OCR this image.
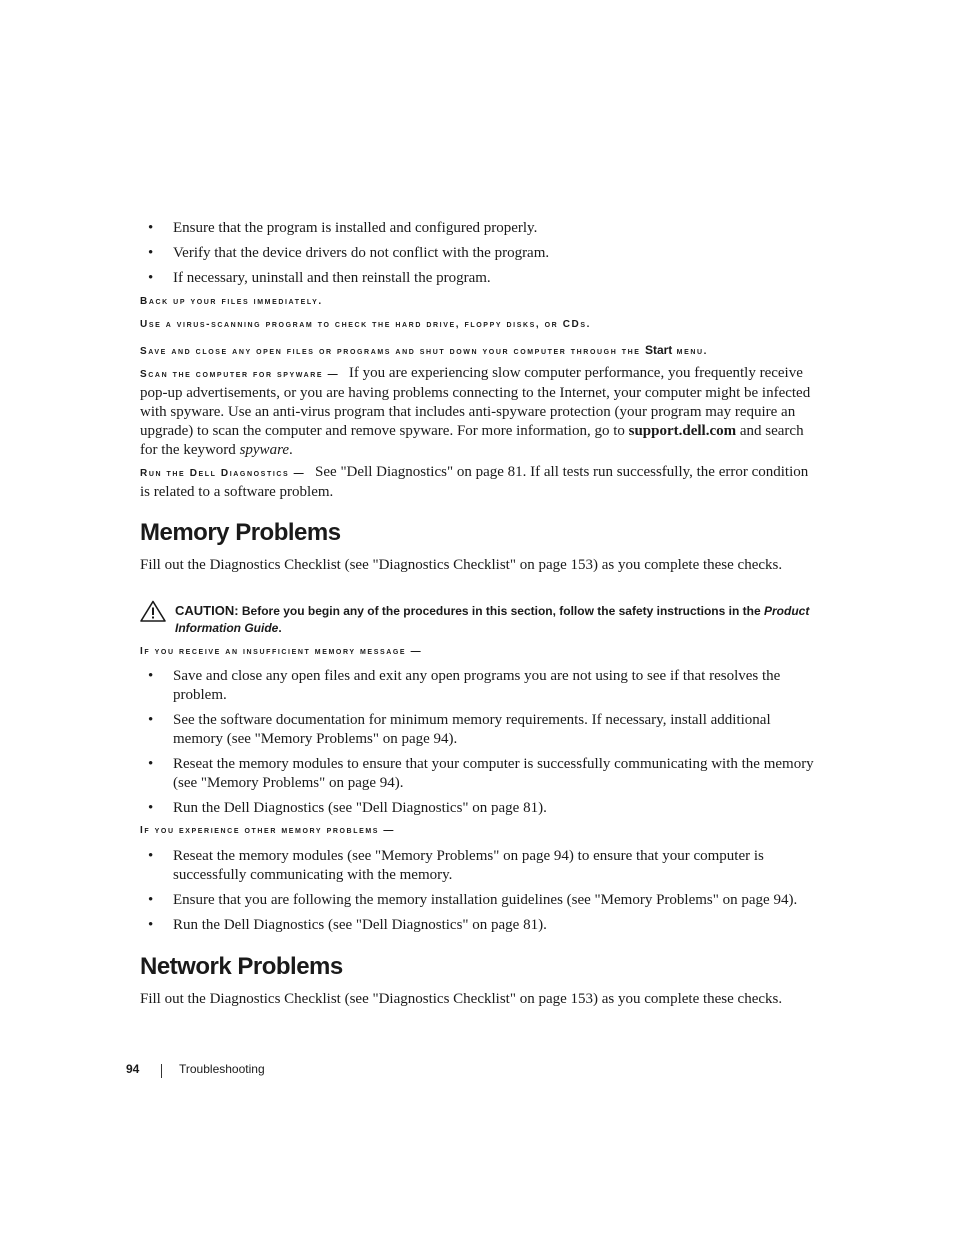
• Ensure that the program is installed and configured properly.
• Verify that the device drivers do not conflict with the program.
• If necessary, uninstall and then reinstall the program.
Back up your files immediately.
Use a virus-scanning program to check the hard drive, floppy disks, or CDs.
Save and close any open files or programs and shut down your computer through the Start menu.
Scan the computer for spyware — If you are experiencing slow computer performance, you frequently receive pop-up advertisements, or you are having problems connecting to the Internet, your computer might be infected with spyware. Use an anti-virus program that includes anti-spyware protection (your program may require an upgrade) to scan the computer and remove spyware. For more information, go to support.dell.com and search for the keyword spyware.
Run the Dell Diagnostics — See "Dell Diagnostics" on page 81. If all tests run successfully, the error condition is related to a software problem.
Memory Problems
Fill out the Diagnostics Checklist (see "Diagnostics Checklist" on page 153) as you complete these checks.
CAUTION: Before you begin any of the procedures in this section, follow the safety instructions in the Product Information Guide.
If you receive an insufficient memory message —
• Save and close any open files and exit any open programs you are not using to see if that resolves the problem.
• See the software documentation for minimum memory requirements. If necessary, install additional memory (see "Memory Problems" on page 94).
• Reseat the memory modules to ensure that your computer is successfully communicating with the memory (see "Memory Problems" on page 94).
• Run the Dell Diagnostics (see "Dell Diagnostics" on page 81).
If you experience other memory problems —
• Reseat the memory modules (see "Memory Problems" on page 94) to ensure that your computer is successfully communicating with the memory.
• Ensure that you are following the memory installation guidelines (see "Memory Problems" on page 94).
• Run the Dell Diagnostics (see "Dell Diagnostics" on page 81).
Network Problems
Fill out the Diagnostics Checklist (see "Diagnostics Checklist" on page 153) as you complete these checks.
94	Troubleshooting
